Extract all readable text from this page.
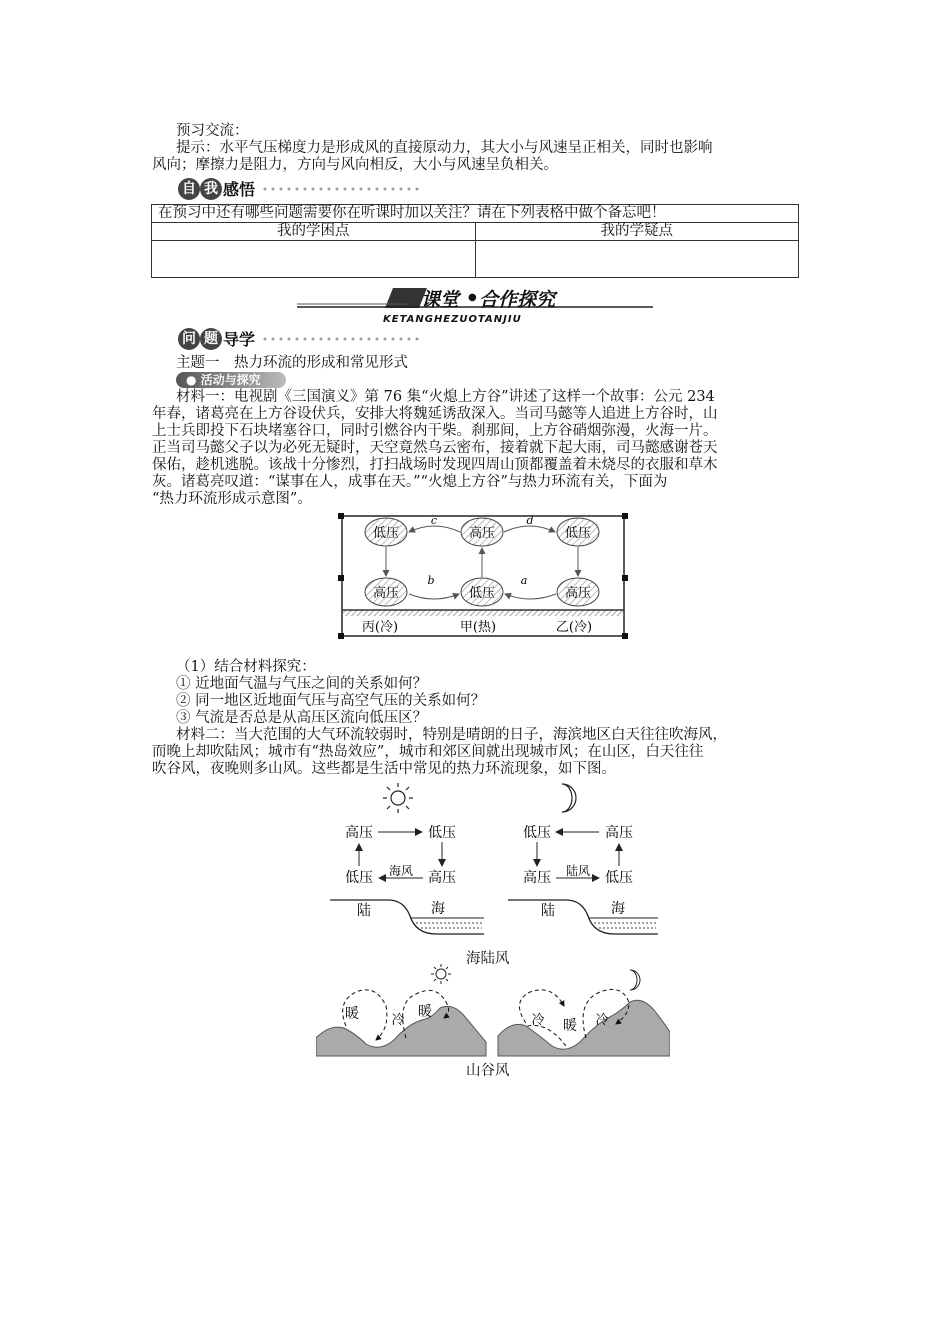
预习交流：
提示：水平气压梯度力是形成风的直接原动力，其大小与风速呈正相关，同时也影响
风向；摩擦力是阻力，方向与风向相反，大小与风速呈负相关。
自 我 感悟
在预习中还有哪些问题需要你在听课时加以关注？请在下列表格中做个备忘吧！	
我的学困点	我的学疑点

课堂 ● 合作探究
KETANGHEZUOTANJIU
问 题 导学
主题一　热力环流的形成和常见形式
● 活动与探究
材料一：电视剧《三国演义》第 76 集“火熄上方谷”讲述了这样一个故事：公元 234
年春，诸葛亮在上方谷设伏兵，安排大将魏延诱敌深入。当司马懿等人追进上方谷时，山
上士兵即投下石块堵塞谷口，同时引燃谷内干柴。刹那间，上方谷硝烟弥漫，火海一片。
正当司马懿父子以为必死无疑时，天空竟然乌云密布，接着就下起大雨，司马懿感谢苍天
保佑，趁机逃脱。该战十分惨烈，打扫战场时发现四周山顶都覆盖着未烧尽的衣服和草木
灰。诸葛亮叹道：“谋事在人，成事在天。”“火熄上方谷”与热力环流有关，下面为
“热力环流形成示意图”。
低压	高压	低压
高压	低压	高压
c	d
b	a
丙(冷)	甲(热)	乙(冷)
（1）结合材料探究：
① 近地面气温与气压之间的关系如何？
② 同一地区近地面气压与高空气压的关系如何？
③ 气流是否总是从高压区流向低压区？
材料二：当大范围的大气环流较弱时，特别是晴朗的日子，海滨地区白天往往吹海风，
而晚上却吹陆风；城市有“热岛效应”，城市和郊区间就出现城市风；在山区，白天往往
吹谷风，夜晚则多山风。这些都是生活中常见的热力环流现象，如下图。
高压	低压
低压	高压
海风
陆	海
低压	高压
高压	低压
陆风
陆	海
海陆风
暖 冷
暖
冷 暖 冷
山谷风
